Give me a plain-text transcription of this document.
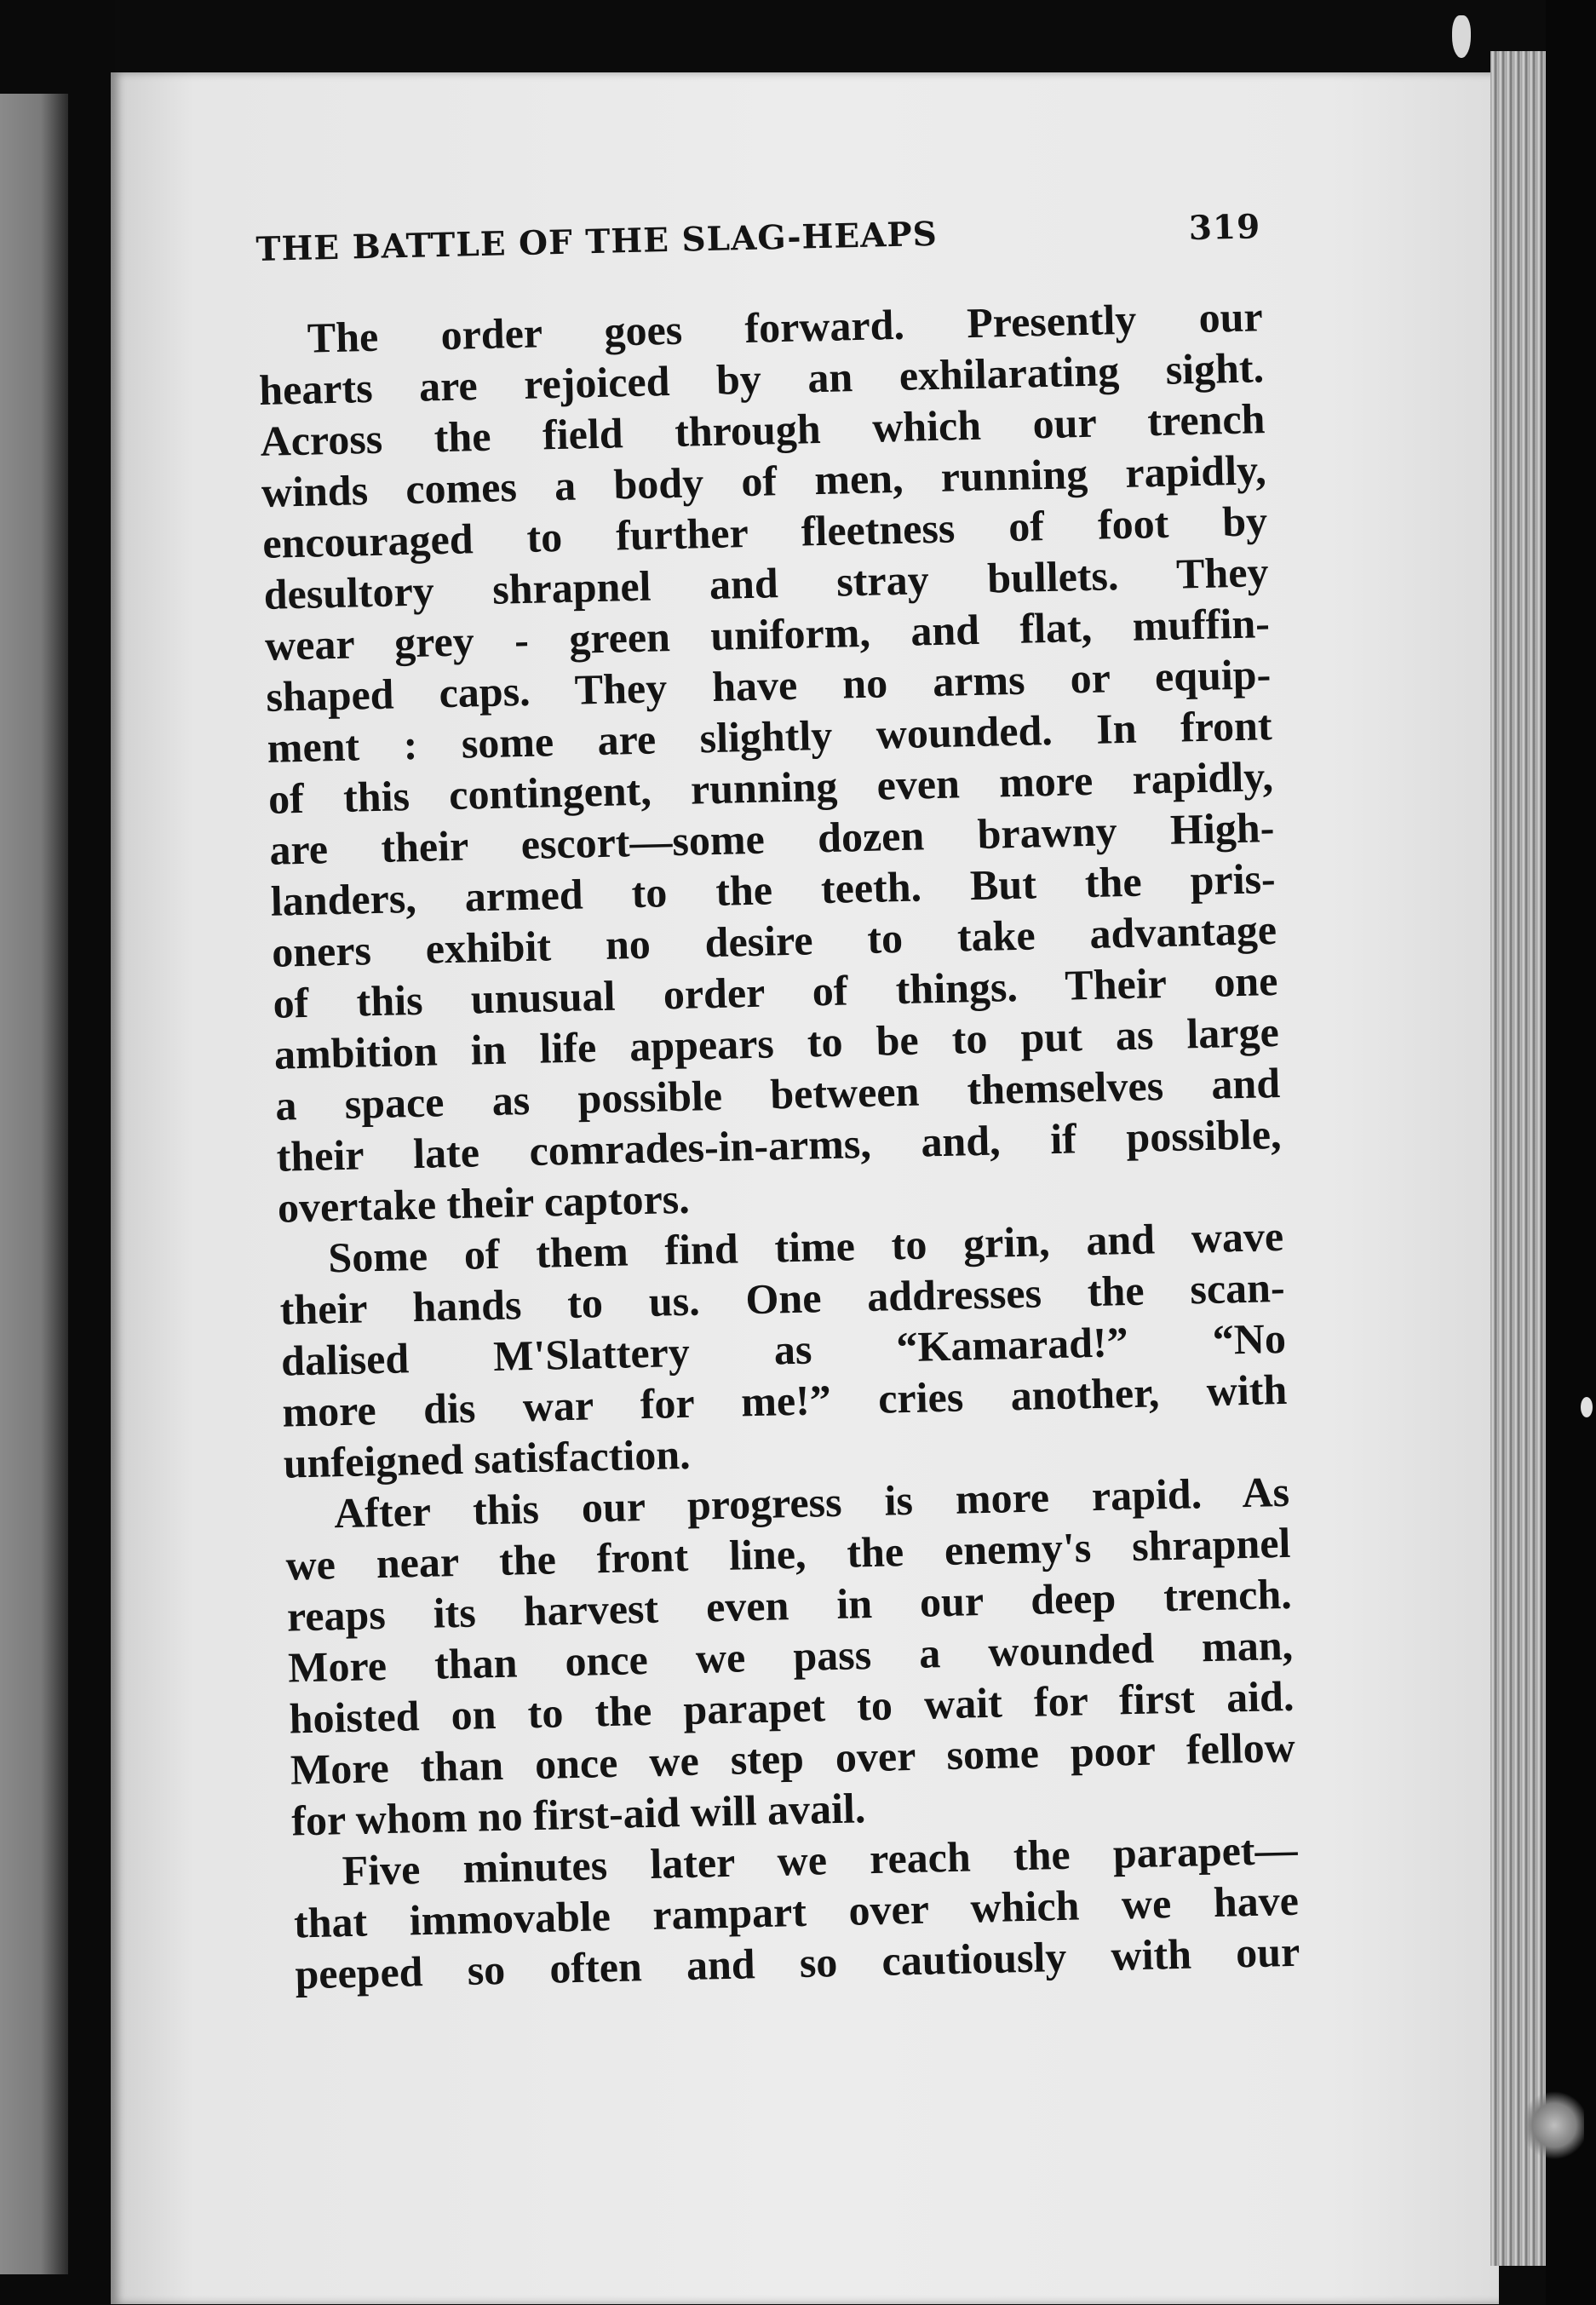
THE BATTLE OF THE SLAG-HEAPS	319
The order goes forward. Presently our
hearts are rejoiced by an exhilarating sight.
Across the field through which our trench
winds comes a body of men, running rapidly,
encouraged to further fleetness of foot by
desultory shrapnel and stray bullets. They
wear grey - green uniform, and flat, muffin-
shaped caps. They have no arms or equip-
ment : some are slightly wounded. In front
of this contingent, running even more rapidly,
are their escort—some dozen brawny High-
landers, armed to the teeth. But the pris-
oners exhibit no desire to take advantage
of this unusual order of things. Their one
ambition in life appears to be to put as large
a space as possible between themselves and
their late comrades-in-arms, and, if possible,
overtake their captors.
Some of them find time to grin, and wave
their hands to us. One addresses the scan-
dalised M'Slattery as “Kamarad!” “No
more dis war for me!” cries another, with
unfeigned satisfaction.
After this our progress is more rapid. As
we near the front line, the enemy's shrapnel
reaps its harvest even in our deep trench.
More than once we pass a wounded man,
hoisted on to the parapet to wait for first aid.
More than once we step over some poor fellow
for whom no first-aid will avail.
Five minutes later we reach the parapet—
that immovable rampart over which we have
peeped so often and so cautiously with our
